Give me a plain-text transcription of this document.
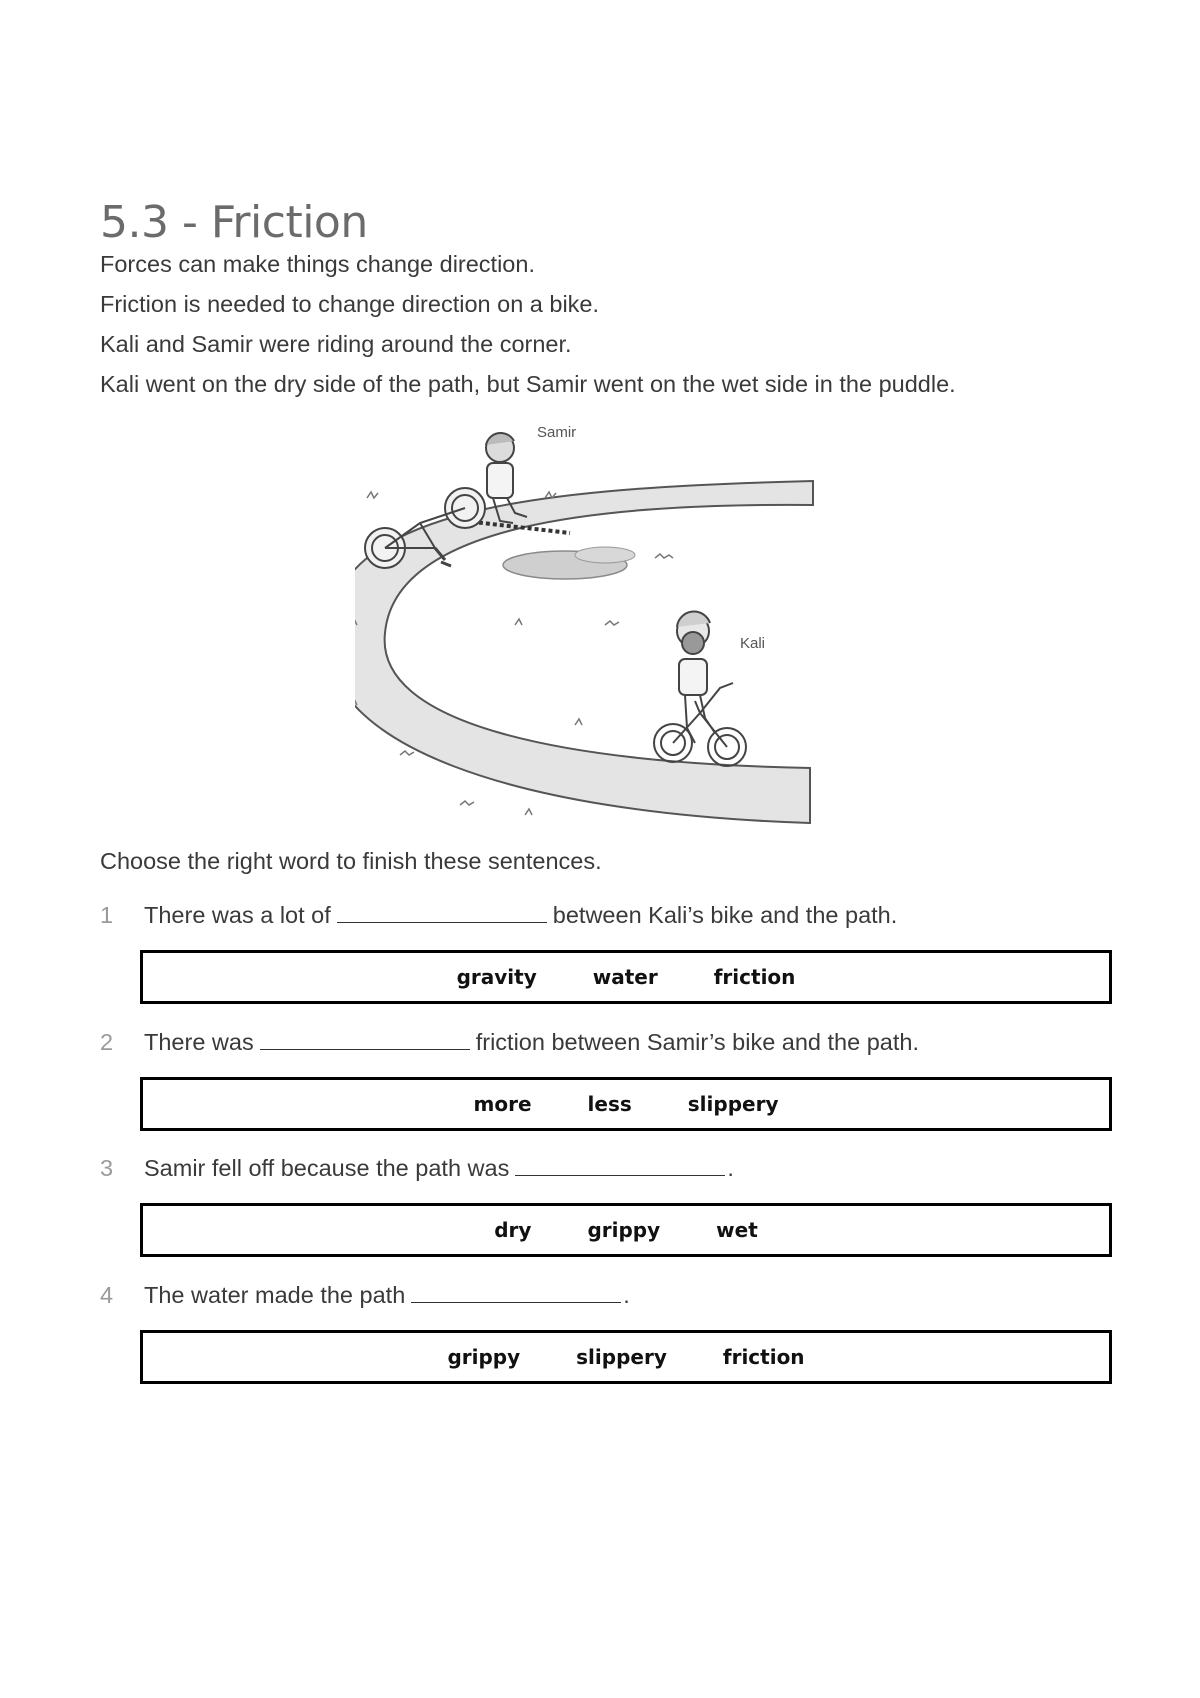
5.3 - Friction

Forces can make things change direction.

Friction is needed to change direction on a bike.

Kali and Samir were riding around the corner.

Kali went on the dry side of the path, but Samir went on the wet side in the puddle.

Samir
Kali
Choose the right word to finish these sentences.
1	There was a lot of	between Kali’s bike and the path.
gravity	water	friction
2	There was	friction between Samir’s bike and the path.
more	less	slippery
3	Samir fell off because the path was	.
dry	grippy	wet
4	The water made the path	.
grippy	slippery	friction
